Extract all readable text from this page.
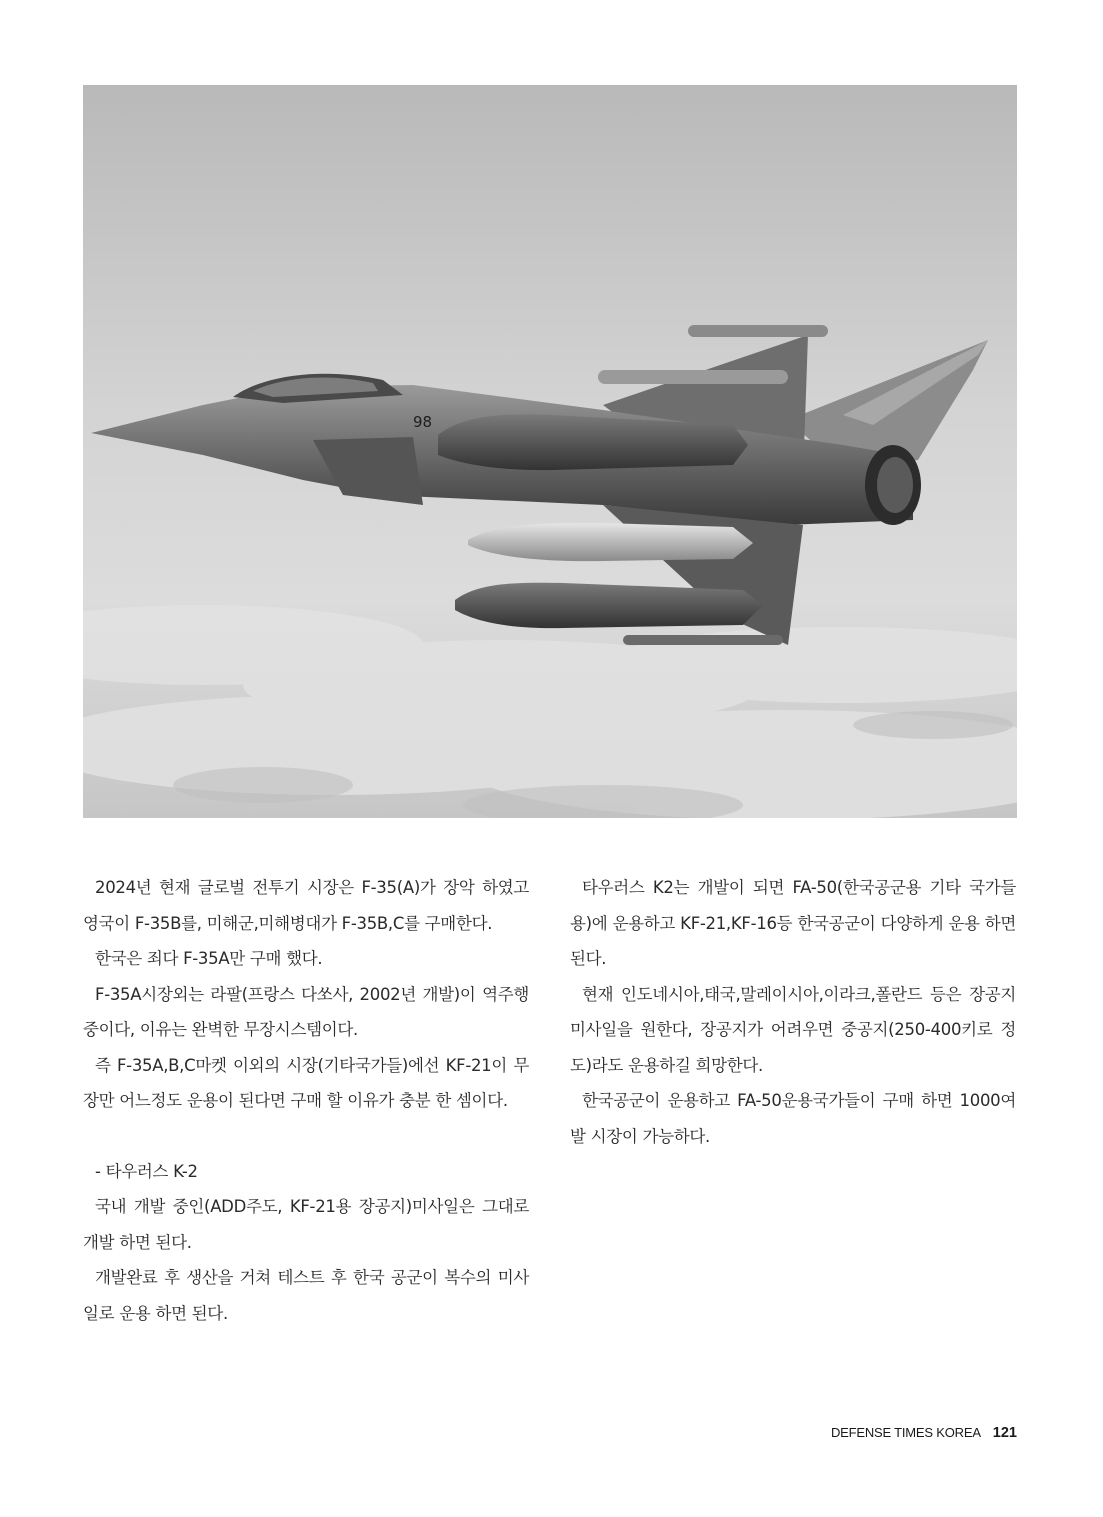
98

2024년 현재 글로벌 전투기 시장은 F-35(A)가 장악 하였고 영국이 F-35B를, 미해군,미해병대가 F-35B,C를 구매한다.

한국은 죄다 F-35A만 구매 했다.

F-35A시장외는 라팔(프랑스 다쏘사, 2002년 개발)이 역주행 중이다, 이유는 완벽한 무장시스템이다.

즉 F-35A,B,C마켓 이외의 시장(기타국가들)에선 KF-21이 무장만 어느정도 운용이 된다면 구매 할 이유가 충분 한 셈이다.

- 타우러스 K-2

국내 개발 중인(ADD주도, KF-21용 장공지)미사일은 그대로 개발 하면 된다.

개발완료 후 생산을 거쳐 테스트 후 한국 공군이 복수의 미사일로 운용 하면 된다.

타우러스 K2는 개발이 되면 FA-50(한국공군용 기타 국가들용)에 운용하고 KF-21,KF-16등 한국공군이 다양하게 운용 하면 된다.

현재 인도네시아,태국,말레이시아,이라크,폴란드 등은 장공지 미사일을 원한다, 장공지가 어려우면 중공지(250-400키로 정도)라도 운용하길 희망한다.

한국공군이 운용하고 FA-50운용국가들이 구매 하면 1000여발 시장이 가능하다.

DEFENSE TIMES KOREA 121
